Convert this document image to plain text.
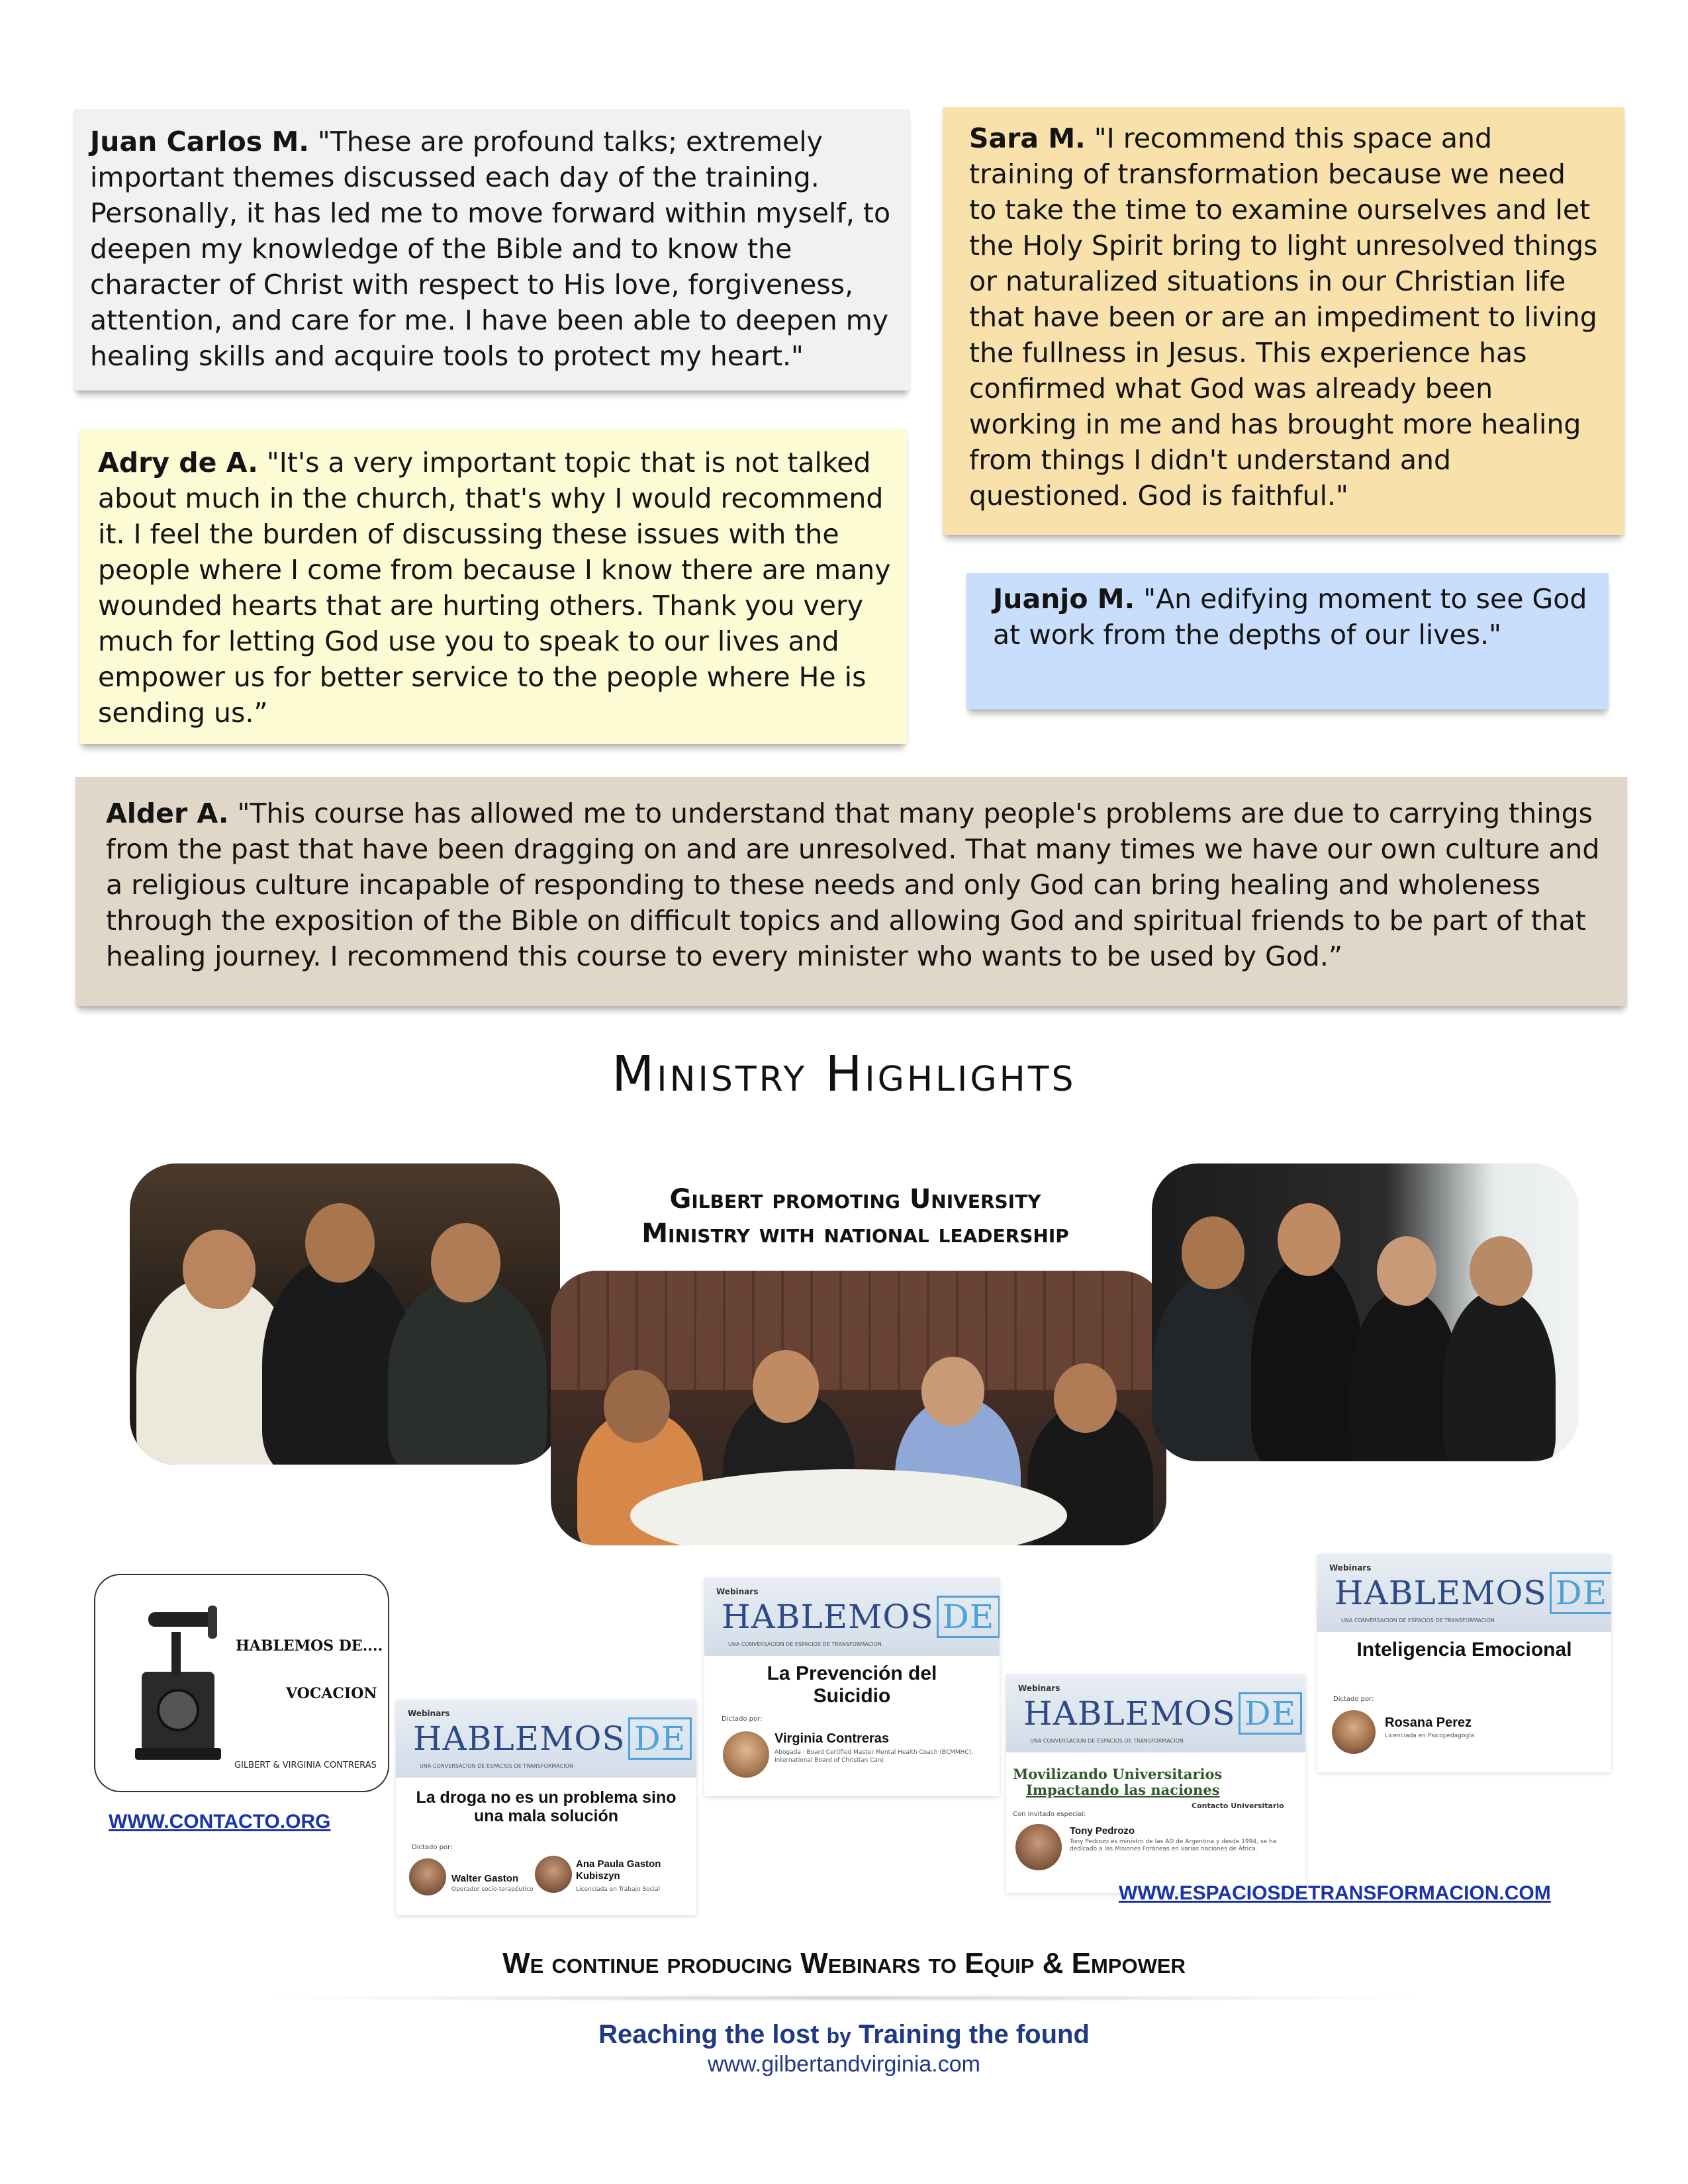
Juan Carlos M. "These are profound talks; extremely important themes discussed each day of the training. Personally, it has led me to move forward within myself, to deepen my knowledge of the Bible and to know the character of Christ with respect to His love, forgiveness, attention, and care for me. I have been able to deepen my healing skills and acquire tools to protect my heart."

Sara M. "I recommend this space and training of transformation because we need to take the time to examine ourselves and let the Holy Spirit bring to light unresolved things or naturalized situations in our Christian life that have been or are an impediment to living the fullness in Jesus. This experience has confirmed what God was already been working in me and has brought more healing from things I didn't understand and questioned. God is faithful."

Adry de A. "It's a very important topic that is not talked about much in the church, that's why I would recommend it. I feel the burden of discussing these issues with the people where I come from because I know there are many wounded hearts that are hurting others. Thank you very much for letting God use you to speak to our lives and empower us for better service to the people where He is sending us.”

Juanjo M. "An edifying moment to see God at work from the depths of our lives."

Alder A. "This course has allowed me to understand that many people's problems are due to carrying things from the past that have been dragging on and are unresolved. That many times we have our own culture and a religious culture incapable of responding to these needs and only God can bring healing and wholeness through the exposition of the Bible on difficult topics and allowing God and spiritual friends to be part of that healing journey. I recommend this course to every minister who wants to be used by God.”

Ministry Highlights
Gilbert promoting University
Ministry with national leadership
HABLEMOS DE....
VOCACION
GILBERT & VIRGINIA CONTRERAS
Webinars
HABLEMOS DE
UNA CONVERSACION DE ESPACIOS DE TRANSFORMACION
La droga no es un problema sino una mala solución
Dictado por:
Walter Gaston
Operador socio-terapéutico
Ana Paula Gaston Kubiszyn
Licenciada en Trabajo Social
Webinars
HABLEMOS DE
UNA CONVERSACION DE ESPACIOS DE TRANSFORMACION
La Prevención del Suicidio
Dictado por:
Virginia Contreras
Abogada · Board Certified Master Mental Health Coach (BCMMHC), International Board of Christian Care
Webinars
HABLEMOS DE
UNA CONVERSACION DE ESPACIOS DE TRANSFORMACION
Movilizando Universitarios
Impactando las naciones
Contacto Universitario
Con invitado especial:
Tony Pedrozo
Tony Pedrozo es ministro de las AD de Argentina y desde 1994, se ha dedicado a las Misiones Foráneas en varias naciones de África.
Webinars
HABLEMOS DE
UNA CONVERSACION DE ESPACIOS DE TRANSFORMACION
Inteligencia Emocional
Dictado por:
Rosana Perez
Licenciada en Psicopedagogía
WWW.CONTACTO.ORG
WWW.ESPACIOSDETRANSFORMACION.COM
We continue producing Webinars to Equip & Empower
Reaching the lost by Training the found
www.gilbertandvirginia.com
